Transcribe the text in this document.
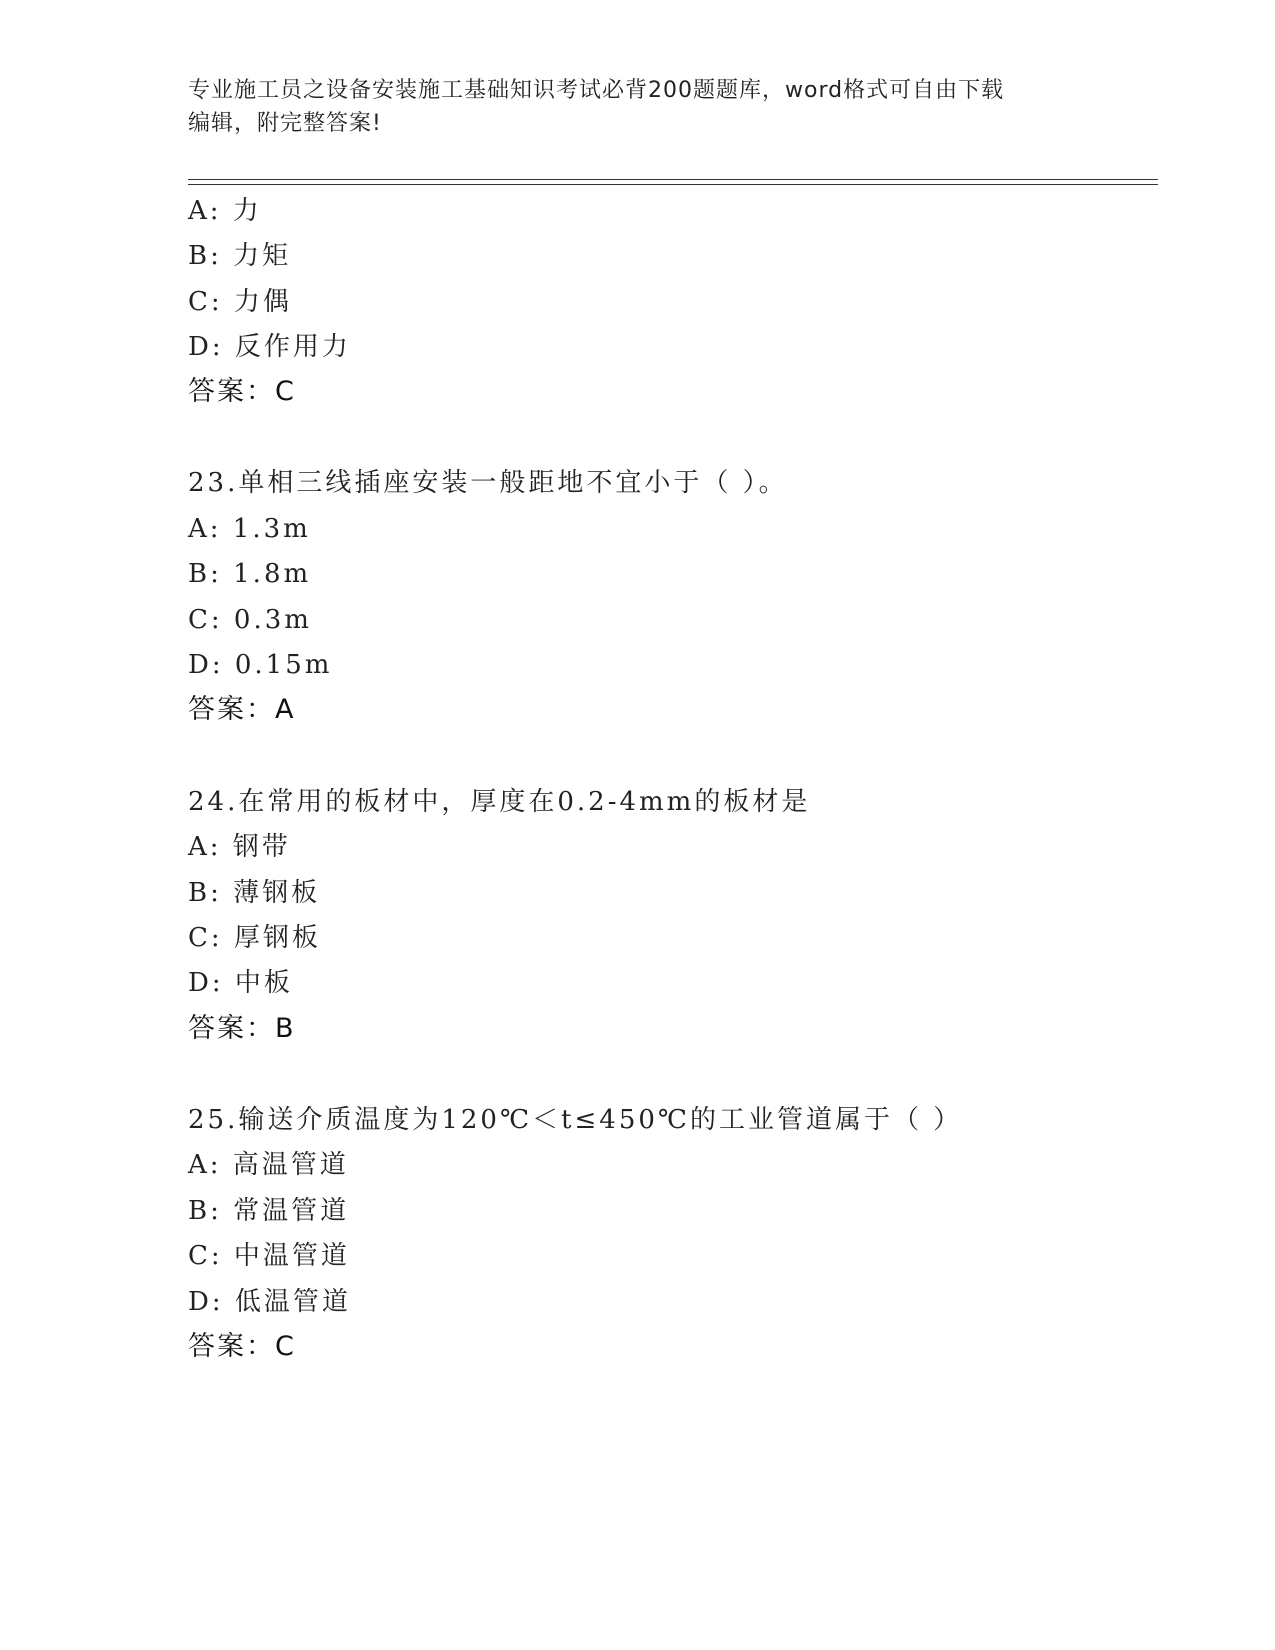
专业施工员之设备安装施工基础知识考试必背200题题库，word格式可自由下载
编辑，附完整答案!
A: 力
B: 力矩
C: 力偶
D: 反作用力
答案：C
23.单相三线插座安装一般距地不宜小于（ ）。
A: 1.3m
B: 1.8m
C: 0.3m
D: 0.15m
答案：A
24.在常用的板材中，厚度在0.2-4mm的板材是
A: 钢带
B: 薄钢板
C: 厚钢板
D: 中板
答案：B
25.输送介质温度为120℃＜t≤450℃的工业管道属于（ ）
A: 高温管道
B: 常温管道
C: 中温管道
D: 低温管道
答案：C
